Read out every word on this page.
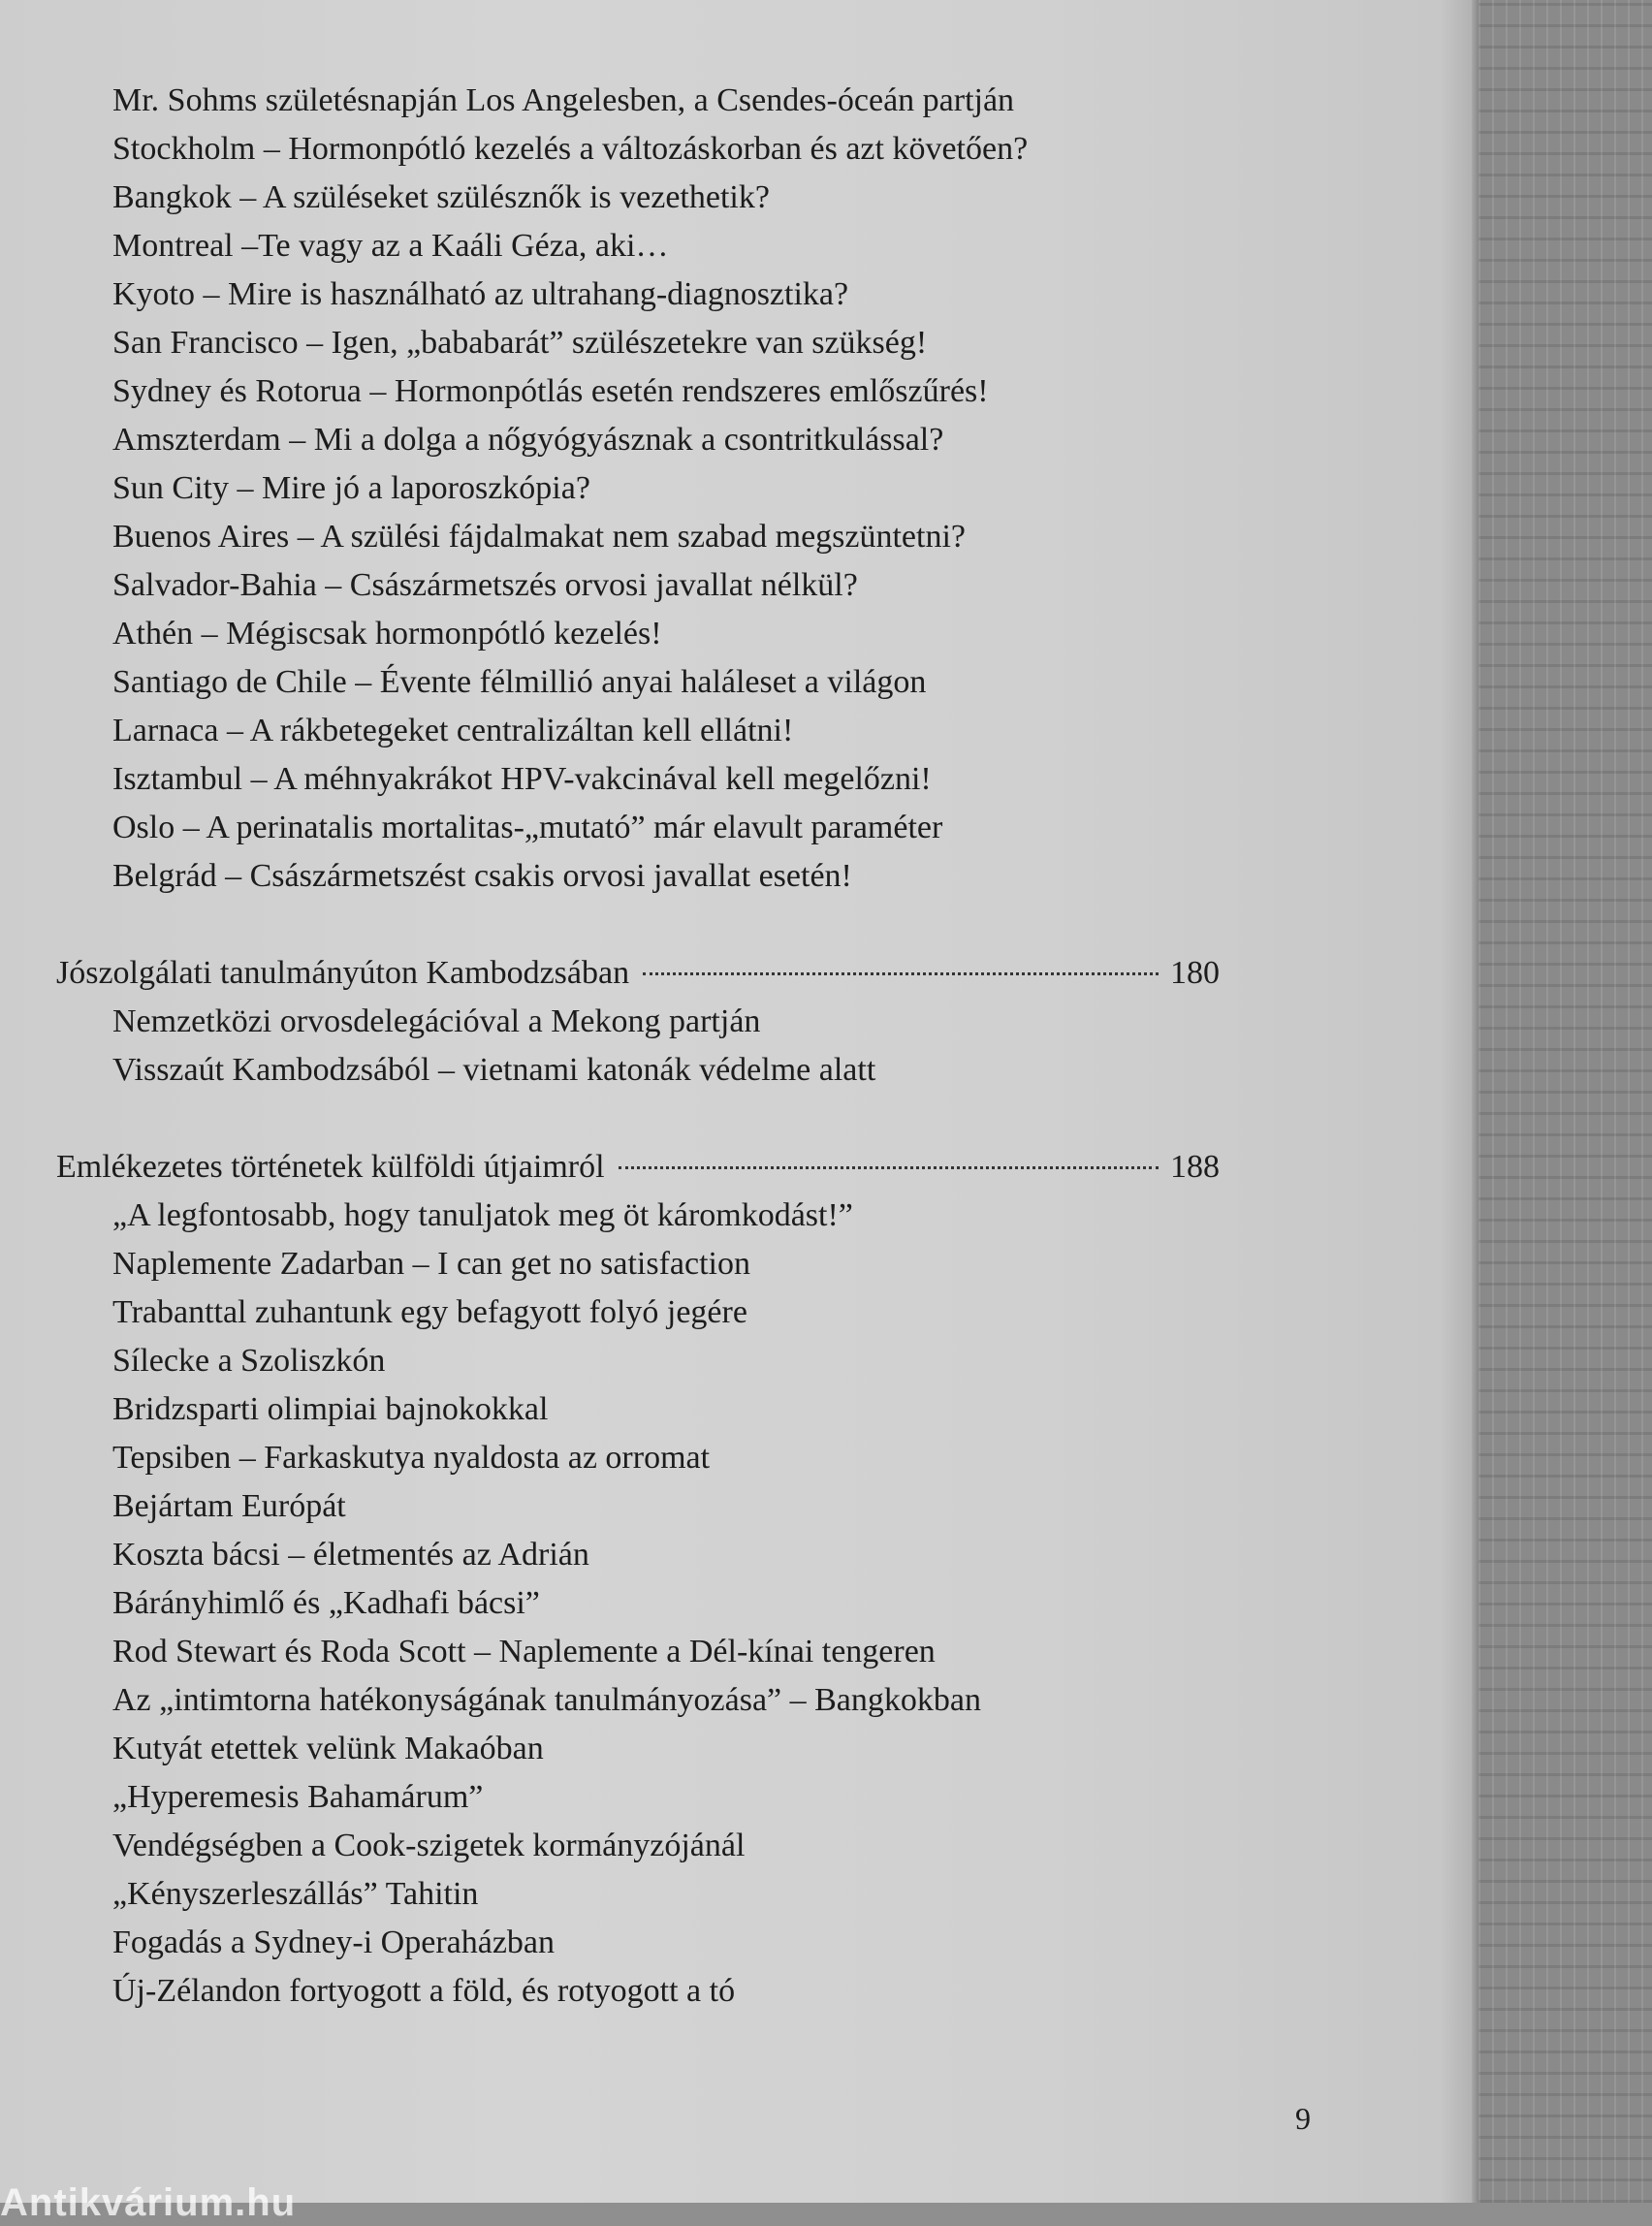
Mr. Sohms születésnapján Los Angelesben, a Csendes-óceán partján
Stockholm – Hormonpótló kezelés a változáskorban és azt követően?
Bangkok – A szüléseket szülésznők is vezethetik?
Montreal –Te vagy az a Kaáli Géza, aki…
Kyoto – Mire is használható az ultrahang-diagnosztika?
San Francisco – Igen, „bababarát” szülészetekre van szükség!
Sydney és Rotorua – Hormonpótlás esetén rendszeres emlőszűrés!
Amszterdam – Mi a dolga a nőgyógyásznak a csontritkulással?
Sun City – Mire jó a laporoszkópia?
Buenos Aires – A szülési fájdalmakat nem szabad megszüntetni?
Salvador-Bahia – Császármetszés orvosi javallat nélkül?
Athén – Mégiscsak hormonpótló kezelés!
Santiago de Chile – Évente félmillió anyai haláleset a világon
Larnaca – A rákbetegeket centralizáltan kell ellátni!
Isztambul – A méhnyakrákot HPV-vakcinával kell megelőzni!
Oslo – A perinatalis mortalitas-„mutató” már elavult paraméter
Belgrád – Császármetszést csakis orvosi javallat esetén!
Jószolgálati tanulmányúton Kambodzsában	180
Nemzetközi orvosdelegációval a Mekong partján
Visszaút Kambodzsából – vietnami katonák védelme alatt
Emlékezetes történetek külföldi útjaimról	188
„A legfontosabb, hogy tanuljatok meg öt káromkodást!”
Naplemente Zadarban – I can get no satisfaction
Trabanttal zuhantunk egy befagyott folyó jegére
Sílecke a Szoliszkón
Bridzsparti olimpiai bajnokokkal
Tepsiben – Farkaskutya nyaldosta az orromat
Bejártam Európát
Koszta bácsi – életmentés az Adrián
Bárányhimlő és „Kadhafi bácsi”
Rod Stewart és Roda Scott – Naplemente a Dél-kínai tengeren
Az „intimtorna hatékonyságának tanulmányozása” – Bangkokban
Kutyát etettek velünk Makaóban
„Hyperemesis Bahamárum”
Vendégségben a Cook-szigetek kormányzójánál
„Kényszerleszállás” Tahitin
Fogadás a Sydney-i Operaházban
Új-Zélandon fortyogott a föld, és rotyogott a tó
9
Antikvárium.hu
